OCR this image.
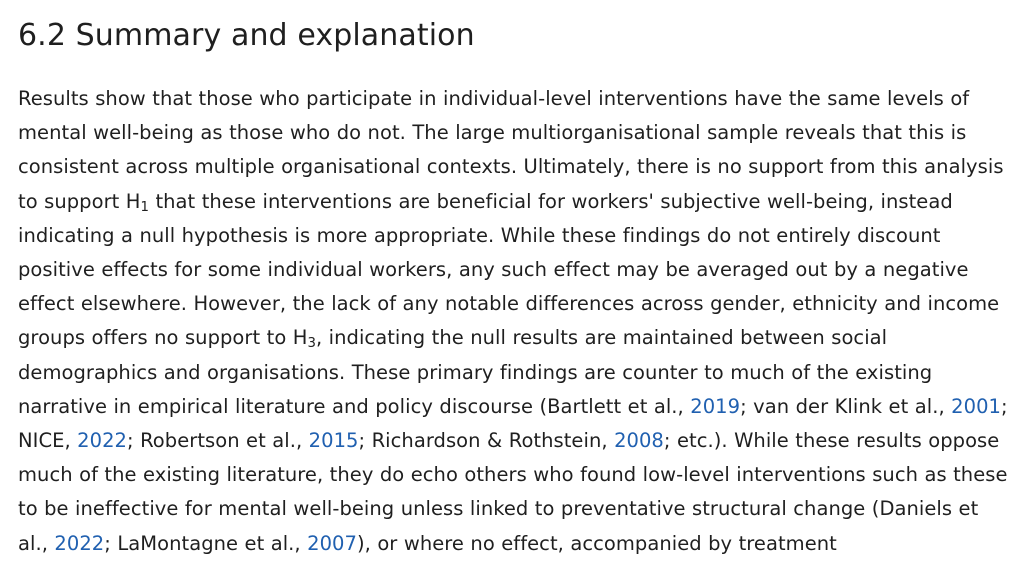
6.2 Summary and explanation

Results show that those who participate in individual-level interventions have the same levels of mental well-being as those who do not. The large multiorganisational sample reveals that this is consistent across multiple organisational contexts. Ultimately, there is no support from this analysis to support $H_1$ that these interventions are beneficial for workers' subjective well-being, instead indicating a null hypothesis is more appropriate. While these findings do not entirely discount positive effects for some individual workers, any such effect may be averaged out by a negative effect elsewhere. However, the lack of any notable differences across gender, ethnicity and income groups offers no support to $H_3$, indicating the null results are maintained between social demographics and organisations. These primary findings are counter to much of the existing narrative in empirical literature and policy discourse (Bartlett et al., 2019; van der Klink et al., 2001; NICE, 2022; Robertson et al., 2015; Richardson & Rothstein, 2008; etc.). While these results oppose much of the existing literature, they do echo others who found low-level interventions such as these to be ineffective for mental well-being unless linked to preventative structural change (Daniels et al., 2022; LaMontagne et al., 2007), or where no effect, accompanied by treatment
